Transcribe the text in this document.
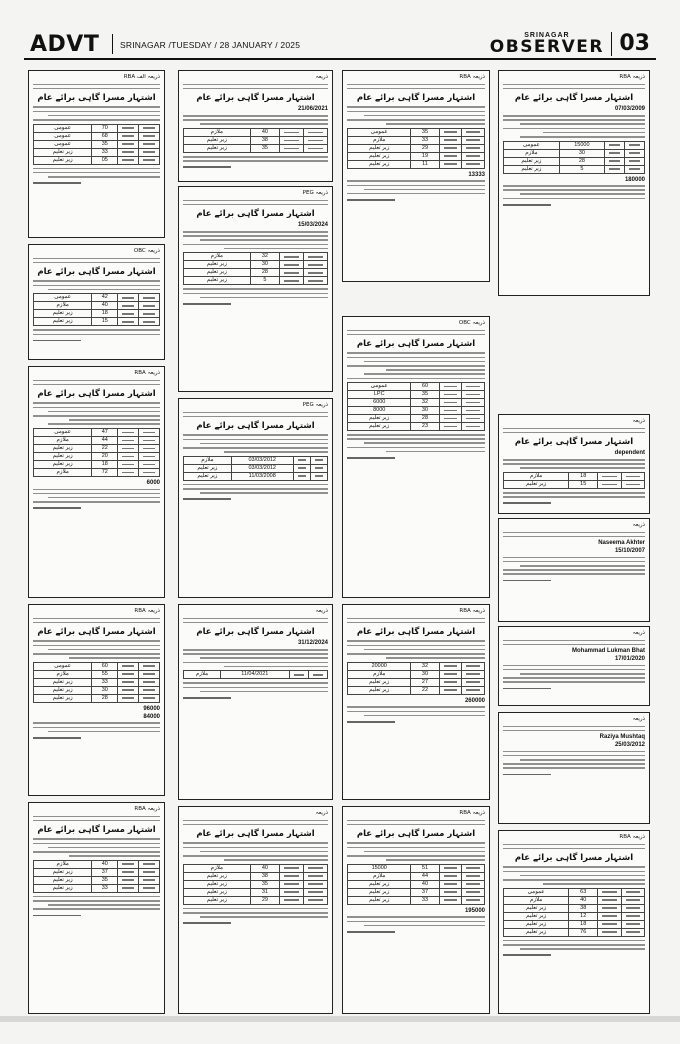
ADVT SRINAGAR /TUESDAY / 28 JANUARY / 2025
SRINAGAR
OBSERVER 03
ذریعہ الف RBA
اشتہار مسرا گاہی برائے عام

	70	عمومی

	68	عمومی

	35	عمومی

	33	زیر تعلیم

	05	زیر تعلیم
ذریعہ OBC
اشتہار مسرا گاہی برائے عام

	42	عمومی

	40	ملازم

	18	زیر تعلیم

	15	زیر تعلیم
ذریعہ RBA
اشتہار مسرا گاہی برائے عام

	47	عمومی

	44	ملازم

	22	زیر تعلیم

	20	زیر تعلیم

	18	زیر تعلیم

	72	ملازم
6000
ذریعہ RBA
اشتہار مسرا گاہی برائے عام

	60	عمومی

	55	ملازم

	33	زیر تعلیم

	30	زیر تعلیم

	28	زیر تعلیم
96000
84000
ذریعہ RBA
اشتہار مسرا گاہی برائے عام

	40	ملازم

	37	زیر تعلیم

	35	زیر تعلیم

	33	زیر تعلیم
ذریعہ
اشتہار مسرا گاہی برائے عام
21/06/2021

	40	ملازم

	38	زیر تعلیم

	35	زیر تعلیم
ذریعہ PEG
اشتہار مسرا گاہی برائے عام
15/03/2024

	32	ملازم

	30	زیر تعلیم

	28	زیر تعلیم

	5	زیر تعلیم
ذریعہ PEG
اشتہار مسرا گاہی برائے عام

	03/03/2012	ملازم

	03/03/2012	زیر تعلیم

	11/03/2008	زیر تعلیم
ذریعہ
اشتہار مسرا گاہی برائے عام
31/12/2024

	11/04/2021	ملازم
ذریعہ
اشتہار مسرا گاہی برائے عام

	40	ملازم

	38	زیر تعلیم

	35	زیر تعلیم

	31	زیر تعلیم

	29	زیر تعلیم
ذریعہ RBA
اشتہار مسرا گاہی برائے عام

	35	عمومی

	33	ملازم

	29	زیر تعلیم

	19	زیر تعلیم

	11	زیر تعلیم
13333
ذریعہ OBC
اشتہار مسرا گاہی برائے عام

	60	عمومی

	35	LPC

	32	6000

	30	8000

	28	زیر تعلیم

	23	زیر تعلیم
ذریعہ RBA
اشتہار مسرا گاہی برائے عام

	32	20000

	30	ملازم

	27	زیر تعلیم

	22	زیر تعلیم
260000
ذریعہ RBA
اشتہار مسرا گاہی برائے عام

	51	15000

	44	ملازم

	40	زیر تعلیم

	37	زیر تعلیم

	33	زیر تعلیم
195000
ذریعہ RBA
اشتہار مسرا گاہی برائے عام
07/03/2009

	15000	عمومی

	30	ملازم

	28	زیر تعلیم

	5	زیر تعلیم
180000
ذریعہ
اشتہار مسرا گاہی برائے عام
dependent

	18	ملازم

	15	زیر تعلیم
ذریعہ
Naseema Akhter
15/10/2007
ذریعہ
Mohammad Lukman Bhat
17/01/2020
ذریعہ
Raziya Mushtaq
25/03/2012
ذریعہ RBA
اشتہار مسرا گاہی برائے عام

	63	عمومی

	40	ملازم

	38	زیر تعلیم

	12	زیر تعلیم

	18	زیر تعلیم

	76	زیر تعلیم
